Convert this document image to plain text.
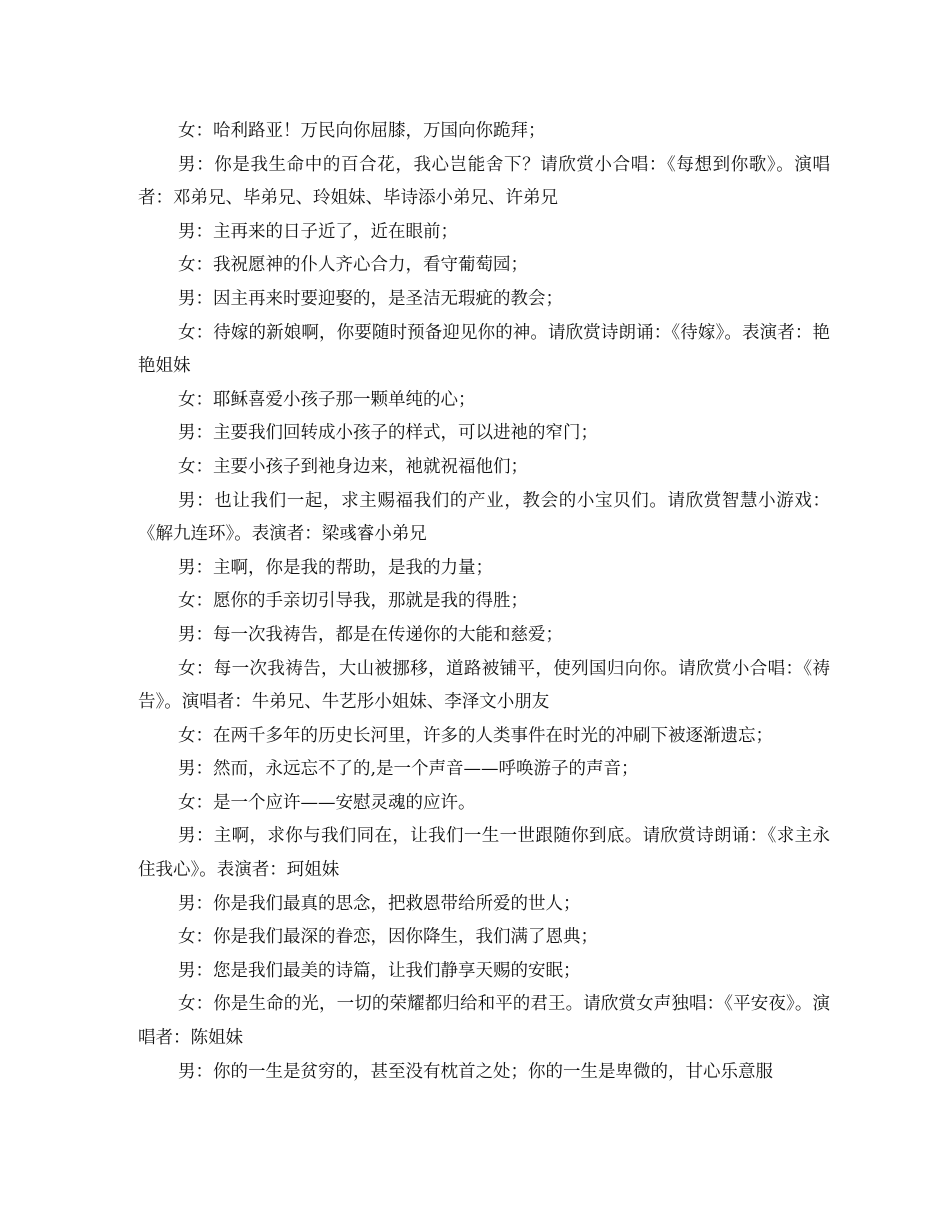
女：哈利路亚！万民向你屈膝，万国向你跪拜；

男：你是我生命中的百合花，我心岂能舍下？请欣赏小合唱：《每想到你歌》。演唱者：邓弟兄、毕弟兄、玲姐妹、毕诗添小弟兄、许弟兄

男：主再来的日子近了，近在眼前；

女：我祝愿神的仆人齐心合力，看守葡萄园；

男：因主再来时要迎娶的，是圣洁无瑕疵的教会；

女：待嫁的新娘啊，你要随时预备迎见你的神。请欣赏诗朗诵：《待嫁》。表演者：艳艳姐妹

女：耶稣喜爱小孩子那一颗单纯的心；

男：主要我们回转成小孩子的样式，可以进祂的窄门；

女：主要小孩子到祂身边来，祂就祝福他们；

男：也让我们一起，求主赐福我们的产业，教会的小宝贝们。请欣赏智慧小游戏：《解九连环》。表演者：梁彧睿小弟兄

男：主啊，你是我的帮助，是我的力量；

女：愿你的手亲切引导我，那就是我的得胜；

男：每一次我祷告，都是在传递你的大能和慈爱；

女：每一次我祷告，大山被挪移，道路被铺平，使列国归向你。请欣赏小合唱：《祷告》。演唱者：牛弟兄、牛艺彤小姐妹、李泽文小朋友

女：在两千多年的历史长河里，许多的人类事件在时光的冲刷下被逐渐遗忘；

男：然而，永远忘不了的,是一个声音——呼唤游子的声音；

女：是一个应许——安慰灵魂的应许。

男：主啊，求你与我们同在，让我们一生一世跟随你到底。请欣赏诗朗诵：《求主永住我心》。表演者：珂姐妹

男：你是我们最真的思念，把救恩带给所爱的世人；

女：你是我们最深的眷恋，因你降生，我们满了恩典；

男：您是我们最美的诗篇，让我们静享天赐的安眠；

女：你是生命的光，一切的荣耀都归给和平的君王。请欣赏女声独唱：《平安夜》。演唱者：陈姐妹

男：你的一生是贫穷的，甚至没有枕首之处；你的一生是卑微的，甘心乐意服
